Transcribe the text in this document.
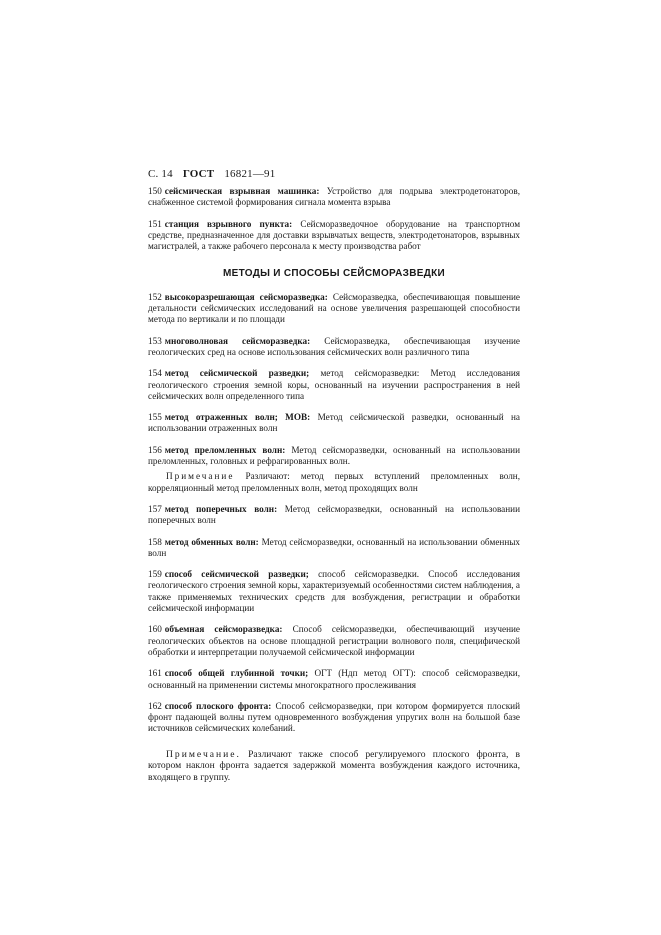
С. 14 ГОСТ 16821—91

150 сейсмическая взрывная машинка: Устройство для подрыва электродетонаторов, снабженное системой формирования сигнала момента взрыва

151 станция взрывного пункта: Сейсморазведочное оборудование на транспортном средстве, предназначенное для доставки взрывчатых веществ, электродетонаторов, взрывных магистралей, а также рабочего персонала к месту производства работ

МЕТОДЫ И СПОСОБЫ СЕЙСМОРАЗВЕДКИ

152 высокоразрешающая сейсморазведка: Сейсморазведка, обеспечивающая повышение детальности сейсмических исследований на основе увеличения разрешающей способности метода по вертикали и по площади

153 многоволновая сейсморазведка: Сейсморазведка, обеспечивающая изучение геологических сред на основе использования сейсмических волн различного типа

154 метод сейсмической разведки; метод сейсморазведки: Метод исследования геологического строения земной коры, основанный на изучении распространения в ней сейсмических волн определенного типа

155 метод отраженных волн; МОВ: Метод сейсмической разведки, основанный на использовании отраженных волн

156 метод преломленных волн: Метод сейсморазведки, основанный на использовании преломленных, головных и рефрагированных волн.

Примечание Различают: метод первых вступлений преломленных волн, корреляционный метод преломленных волн, метод проходящих волн

157 метод поперечных волн: Метод сейсморазведки, основанный на использовании поперечных волн

158 метод обменных волн: Метод сейсморазведки, основанный на использовании обменных волн

159 способ сейсмической разведки; способ сейсморазведки. Способ исследования геологического строения земной коры, характеризуемый особенностями систем наблюдения, а также применяемых технических средств для возбуждения, регистрации и обработки сейсмической информации

160 объемная сейсморазведка: Способ сейсморазведки, обеспечивающий изучение геологических объектов на основе площадной регистрации волнового поля, специфической обработки и интерпретации получаемой сейсмической информации

161 способ общей глубинной точки; ОГТ (Ндп метод ОГТ): способ сейсморазведки, основанный на применении системы многократного прослеживания

162 способ плоского фронта: Способ сейсморазведки, при котором формируется плоский фронт падающей волны путем одновременного возбуждения упругих волн на большой базе источников сейсмических колебаний.

Примечание. Различают также способ регулируемого плоского фронта, в котором наклон фронта задается задержкой момента возбуждения каждого источника, входящего в группу.
